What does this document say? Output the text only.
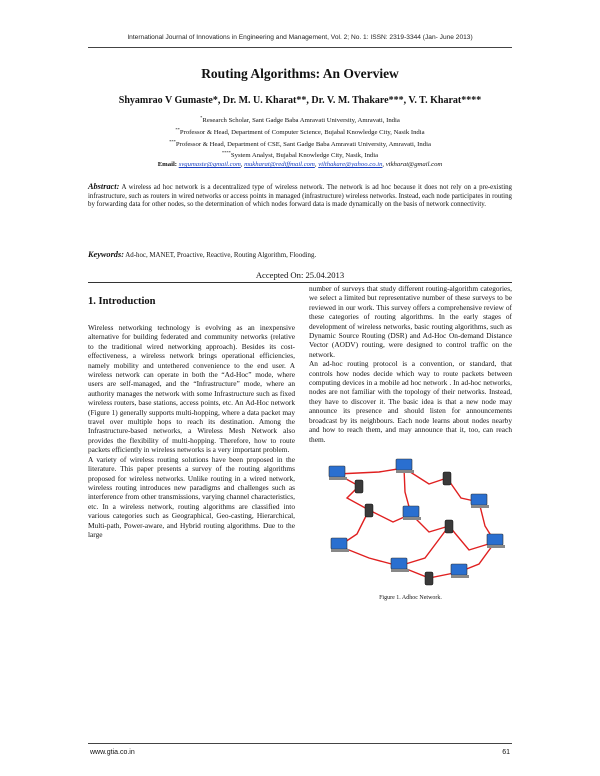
International Journal of Innovations in Engineering and Management, Vol. 2; No. 1: ISSN: 2319-3344 (Jan- June 2013)
Routing Algorithms: An Overview
Shyamrao V Gumaste*, Dr. M. U. Kharat**, Dr. V. M. Thakare***, V. T. Kharat****
*Research Scholar, Sant Gadge Baba Amravati University, Amravati, India
**Professor & Head, Department of Computer Science, Bujabal Knowledge City, Nasik India
***Professor & Head, Department of CSE, Sant Gadge Baba Amravati University, Amravati, India
****System Analyst, Bujabal Knowledge City, Nasik, India
Email: svgumaste@gmail.com, mukharat@rediffmail.com, vilthakare@yahoo.co.in, vtkharat@gmail.com
Abstract: A wireless ad hoc network is a decentralized type of wireless network. The network is ad hoc because it does not rely on a pre-existing infrastructure, such as routers in wired networks or access points in managed (infrastructure) wireless networks. Instead, each node participates in routing by forwarding data for other nodes, so the determination of which nodes forward data is made dynamically on the basis of network connectivity.
Keywords: Ad-hoc, MANET, Proactive, Reactive, Routing Algorithm, Flooding.
Accepted On: 25.04.2013
1. Introduction

Wireless networking technology is evolving as an inexpensive alternative for building federated and community networks (relative to the traditional wired networking approach). Besides its cost-effectiveness, a wireless network brings operational efficiencies, namely mobility and untethered convenience to the end user. A wireless network can operate in both the “Ad-Hoc” mode, where users are self-managed, and the “Infrastructure” mode, where an authority manages the network with some Infrastructure such as fixed wireless routers, base stations, access points, etc. An Ad-Hoc network (Figure 1) generally supports multi-hopping, where a data packet may travel over multiple hops to reach its destination. Among the Infrastructure-based networks, a Wireless Mesh Network also provides the flexibility of multi-hopping. Therefore, how to route packets efficiently in wireless networks is a very important problem.

A variety of wireless routing solutions have been proposed in the literature. This paper presents a survey of the routing algorithms proposed for wireless networks. Unlike routing in a wired network, wireless routing introduces new paradigms and challenges such as interference from other transmissions, varying channel characteristics, etc. In a wireless network, routing algorithms are classified into various categories such as Geographical, Geo-casting, Hierarchical, Multi-path, Power-aware, and Hybrid routing algorithms. Due to the large

number of surveys that study different routing-algorithm categories, we select a limited but representative number of these surveys to be reviewed in our work. This survey offers a comprehensive review of these categories of routing algorithms. In the early stages of development of wireless networks, basic routing algorithms, such as Dynamic Source Routing (DSR) and Ad-Hoc On-demand Distance Vector (AODV) routing, were designed to control traffic on the network.

An ad-hoc routing protocol is a convention, or standard, that controls how nodes decide which way to route packets between computing devices in a mobile ad hoc network . In ad-hoc networks, nodes are not familiar with the topology of their networks. Instead, they have to discover it. The basic idea is that a new node may announce its presence and should listen for announcements broadcast by its neighbours. Each node learns about nodes nearby and how to reach them, and may announce that it, too, can reach them.

Figure 1. Adhoc Network.
www.gtia.co.in	61
